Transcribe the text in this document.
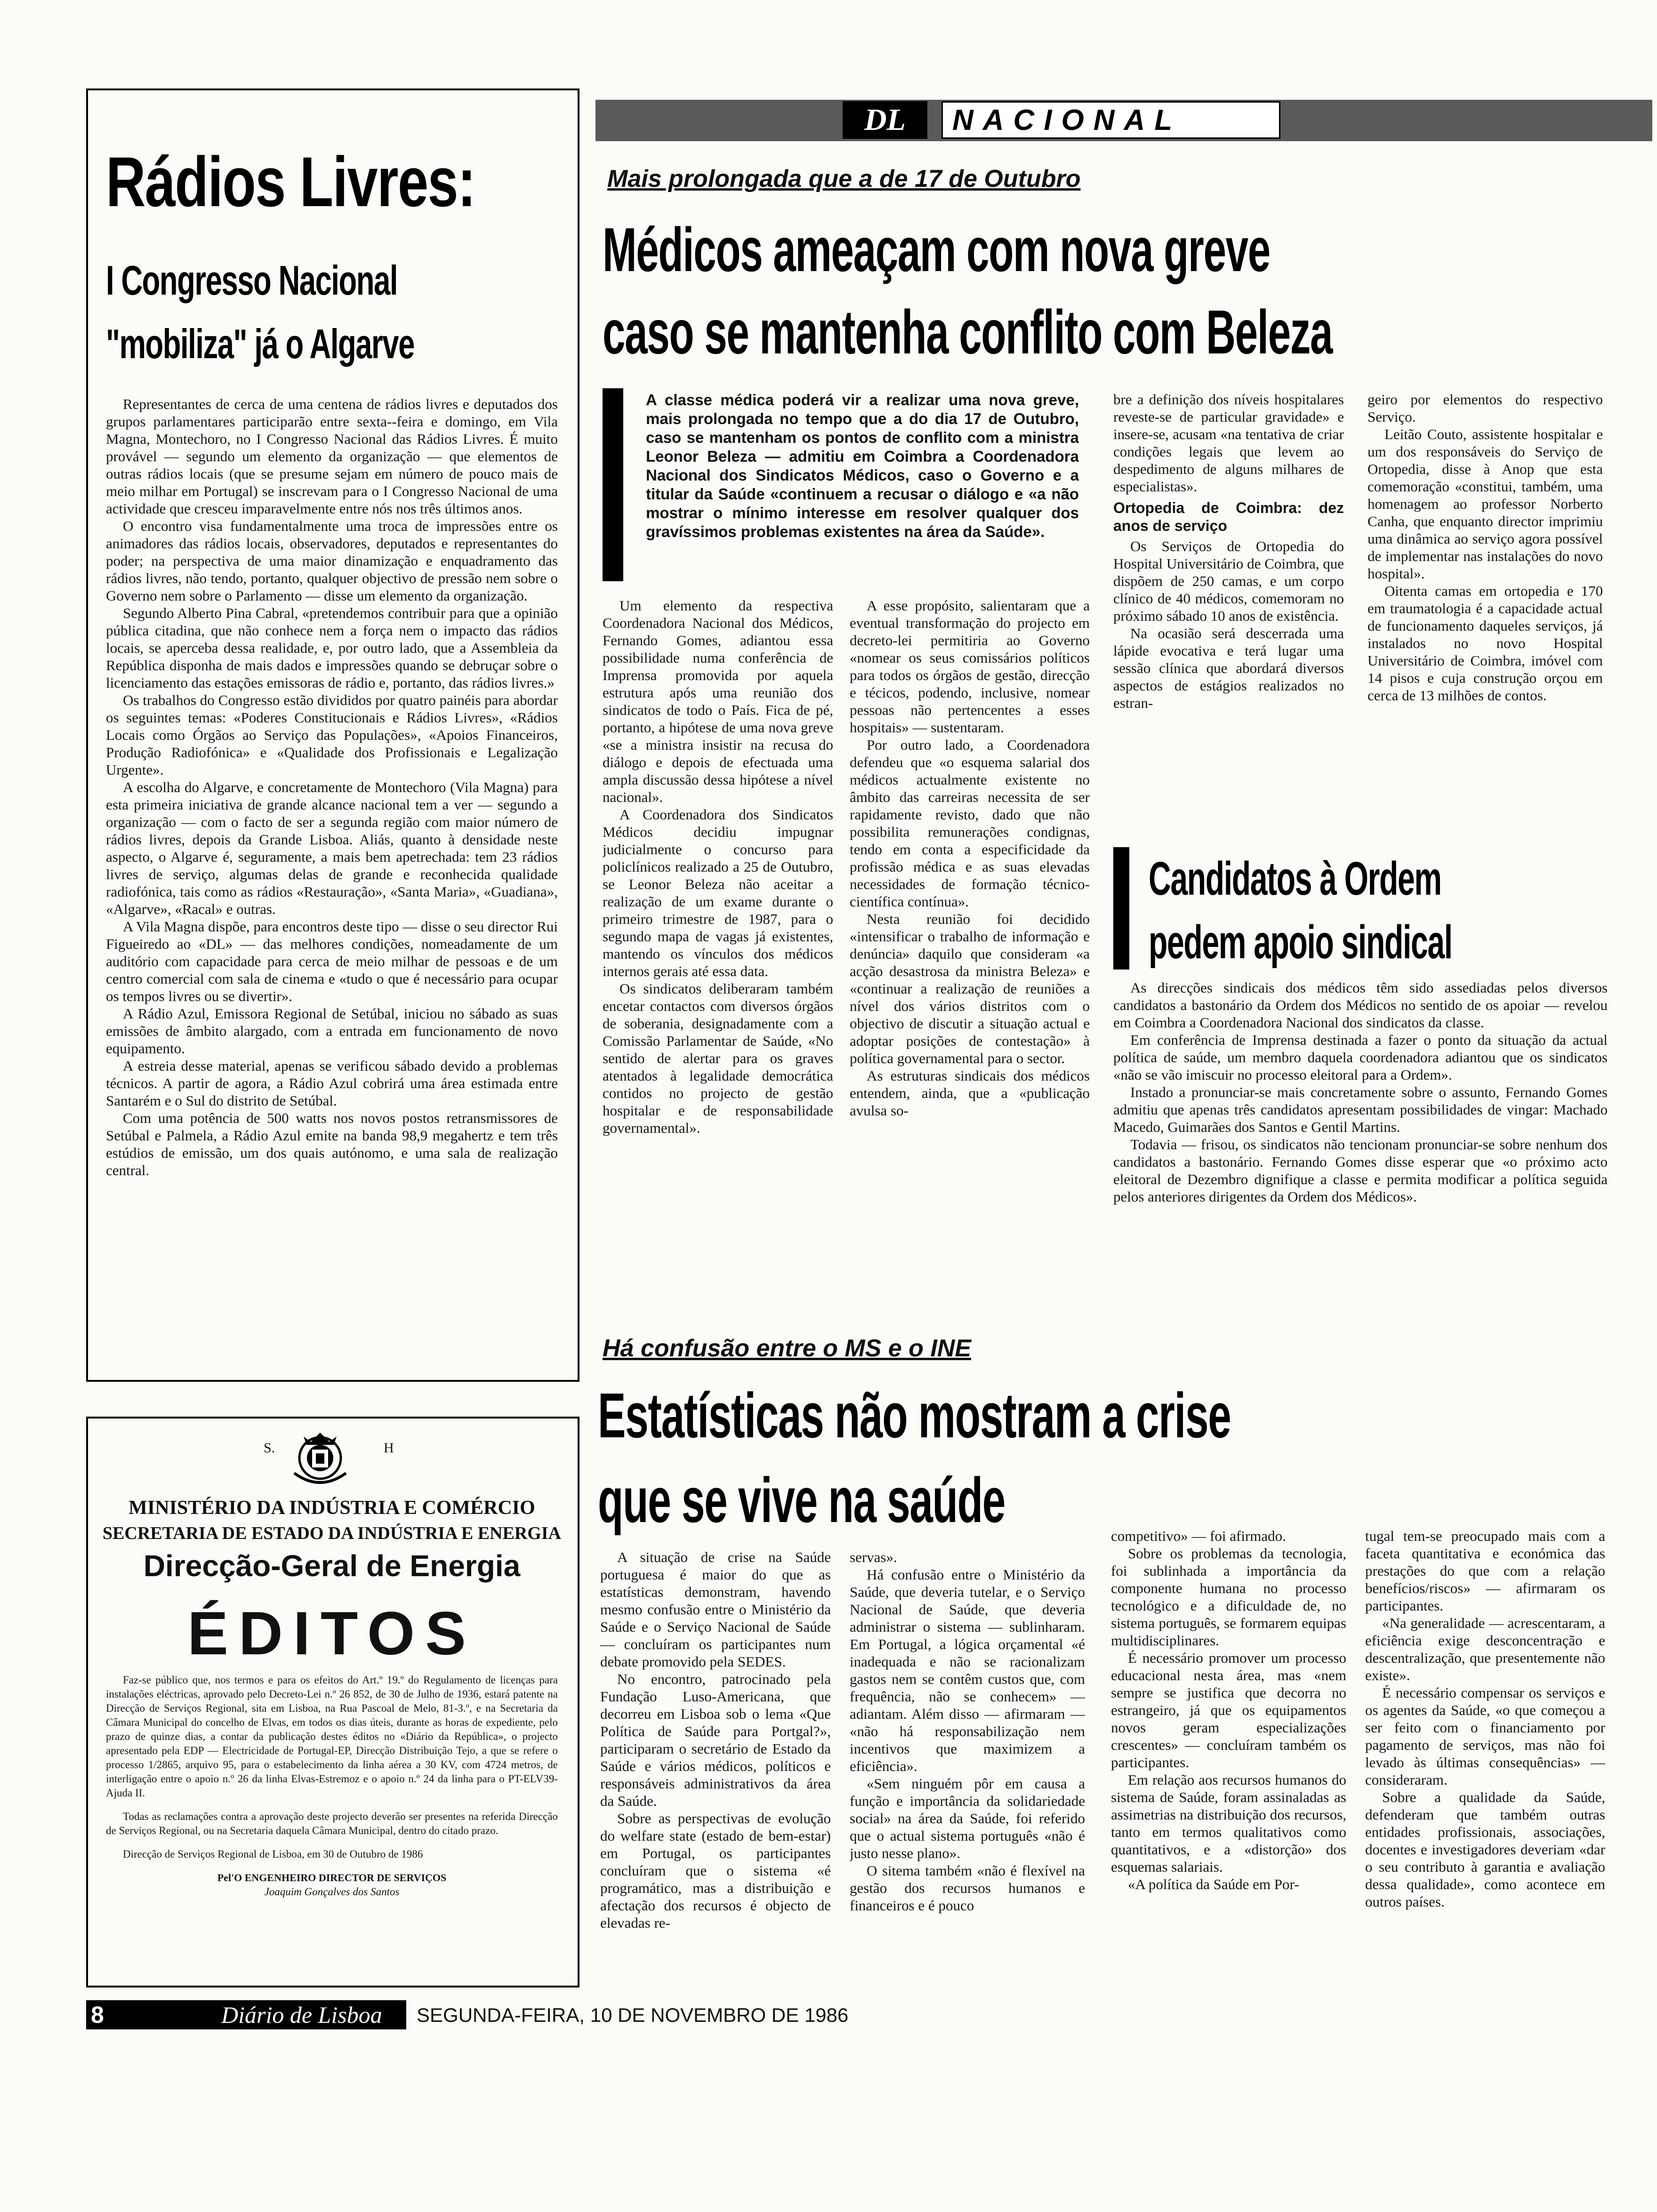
Rádios Livres:
I Congresso Nacional
"mobiliza" já o Algarve

Representantes de cerca de uma centena de rádios livres e deputados dos grupos parlamentares participarão entre sexta--feira e domingo, em Vila Magna, Montechoro, no I Congresso Nacional das Rádios Livres. É muito provável — segundo um elemento da organização — que elementos de outras rádios locais (que se presume sejam em número de pouco mais de meio milhar em Portugal) se inscrevam para o I Congresso Nacional de uma actividade que cresceu imparavelmente entre nós nos três últimos anos.

O encontro visa fundamentalmente uma troca de impressões entre os animadores das rádios locais, observadores, deputados e representantes do poder; na perspectiva de uma maior dinamização e enquadramento das rádios livres, não tendo, portanto, qualquer objectivo de pressão nem sobre o Governo nem sobre o Parlamento — disse um elemento da organização.

Segundo Alberto Pina Cabral, «pretendemos contribuir para que a opinião pública citadina, que não conhece nem a força nem o impacto das rádios locais, se aperceba dessa realidade, e, por outro lado, que a Assembleia da República disponha de mais dados e impressões quando se debruçar sobre o licenciamento das estações emissoras de rádio e, portanto, das rádios livres.»

Os trabalhos do Congresso estão divididos por quatro painéis para abordar os seguintes temas: «Poderes Constitucionais e Rádios Livres», «Rádios Locais como Órgãos ao Serviço das Populações», «Apoios Financeiros, Produção Radiofónica» e «Qualidade dos Profissionais e Legalização Urgente».

A escolha do Algarve, e concretamente de Montechoro (Vila Magna) para esta primeira iniciativa de grande alcance nacional tem a ver — segundo a organização — com o facto de ser a segunda região com maior número de rádios livres, depois da Grande Lisboa. Aliás, quanto à densidade neste aspecto, o Algarve é, seguramente, a mais bem apetrechada: tem 23 rádios livres de serviço, algumas delas de grande e reconhecida qualidade radiofónica, tais como as rádios «Restauração», «Santa Maria», «Guadiana», «Algarve», «Racal» e outras.

A Vila Magna dispõe, para encontros deste tipo — disse o seu director Rui Figueiredo ao «DL» — das melhores condições, nomeadamente de um auditório com capacidade para cerca de meio milhar de pessoas e de um centro comercial com sala de cinema e «tudo o que é necessário para ocupar os tempos livres ou se divertir».

A Rádio Azul, Emissora Regional de Setúbal, iniciou no sábado as suas emissões de âmbito alargado, com a entrada em funcionamento de novo equipamento.

A estreia desse material, apenas se verificou sábado devido a problemas técnicos. A partir de agora, a Rádio Azul cobrirá uma área estimada entre Santarém e o Sul do distrito de Setúbal.

Com uma potência de 500 watts nos novos postos retransmissores de Setúbal e Palmela, a Rádio Azul emite na banda 98,9 megahertz e tem três estúdios de emissão, um dos quais autónomo, e uma sala de realização central.

S.	H
MINISTÉRIO DA INDÚSTRIA E COMÉRCIO
SECRETARIA DE ESTADO DA INDÚSTRIA E ENERGIA
Direcção-Geral de Energia
ÉDITOS

Faz-se público que, nos termos e para os efeitos do Art.º 19.º do Regulamento de licenças para instalações eléctricas, aprovado pelo Decreto-Lei n.º 26 852, de 30 de Julho de 1936, estará patente na Direcção de Serviços Regional, sita em Lisboa, na Rua Pascoal de Melo, 81-3.º, e na Secretaria da Câmara Municipal do concelho de Elvas, em todos os dias úteis, durante as horas de expediente, pelo prazo de quinze dias, a contar da publicação destes éditos no «Diário da República», o projecto apresentado pela EDP — Electricidade de Portugal-EP, Direcção Distribuição Tejo, a que se refere o processo 1/2865, arquivo 95, para o estabelecimento da linha aérea a 30 KV, com 4724 metros, de interligação entre o apoio n.º 26 da linha Elvas-Estremoz e o apoio n.º 24 da linha para o PT-ELV39-Ajuda II.

Todas as reclamações contra a aprovação deste projecto deverão ser presentes na referida Direcção de Serviços Regional, ou na Secretaria daquela Câmara Municipal, dentro do citado prazo.

Direcção de Serviços Regional de Lisboa, em 30 de Outubro de 1986

Pel'O ENGENHEIRO DIRECTOR DE SERVIÇOS

Joaquim Gonçalves dos Santos

DL	NACIONAL
Mais prolongada que a de 17 de Outubro
Médicos ameaçam com nova greve
caso se mantenha conflito com Beleza
A classe médica poderá vir a realizar uma nova greve, mais prolongada no tempo que a do dia 17 de Outubro, caso se mantenham os pontos de conflito com a ministra Leonor Beleza — admitiu em Coimbra a Coordenadora Nacional dos Sindicatos Médicos, caso o Governo e a titular da Saúde «continuem a recusar o diálogo e «a não mostrar o mínimo interesse em resolver qualquer dos gravíssimos problemas existentes na área da Saúde».

Um elemento da respectiva Coordenadora Nacional dos Médicos, Fernando Gomes, adiantou essa possibilidade numa conferência de Imprensa promovida por aquela estrutura após uma reunião dos sindicatos de todo o País. Fica de pé, portanto, a hipótese de uma nova greve «se a ministra insistir na recusa do diálogo e depois de efectuada uma ampla discussão dessa hipótese a nível nacional».

A Coordenadora dos Sindicatos Médicos decidiu impugnar judicialmente o concurso para policlínicos realizado a 25 de Outubro, se Leonor Beleza não aceitar a realização de um exame durante o primeiro trimestre de 1987, para o segundo mapa de vagas já existentes, mantendo os vínculos dos médicos internos gerais até essa data.

Os sindicatos deliberaram também encetar contactos com diversos órgãos de soberania, designadamente com a Comissão Parlamentar de Saúde, «No sentido de alertar para os graves atentados à legalidade democrática contidos no projecto de gestão hospitalar e de responsabilidade governamental».

A esse propósito, salientaram que a eventual transformação do projecto em decreto-lei permitiria ao Governo «nomear os seus comissários políticos para todos os órgãos de gestão, direcção e técicos, podendo, inclusive, nomear pessoas não pertencentes a esses hospitais» — sustentaram.

Por outro lado, a Coordenadora defendeu que «o esquema salarial dos médicos actualmente existente no âmbito das carreiras necessita de ser rapidamente revisto, dado que não possibilita remunerações condignas, tendo em conta a especificidade da profissão médica e as suas elevadas necessidades de formação técnico-científica contínua».

Nesta reunião foi decidido «intensificar o trabalho de informação e denúncia» daquilo que consideram «a acção desastrosa da ministra Beleza» e «continuar a realização de reuniões a nível dos vários distritos com o objectivo de discutir a situação actual e adoptar posições de contestação» à política governamental para o sector.

As estruturas sindicais dos médicos entendem, ainda, que a «publicação avulsa so-

bre a definição dos níveis hospitalares reveste-se de particular gravidade» e insere-se, acusam «na tentativa de criar condições legais que levem ao despedimento de alguns milhares de especialistas».

Ortopedia de Coimbra: dez anos de serviço

Os Serviços de Ortopedia do Hospital Universitário de Coimbra, que dispõem de 250 camas, e um corpo clínico de 40 médicos, comemoram no próximo sábado 10 anos de existência.

Na ocasião será descerrada uma lápide evocativa e terá lugar uma sessão clínica que abordará diversos aspectos de estágios realizados no estran-

geiro por elementos do respectivo Serviço.

Leitão Couto, assistente hospitalar e um dos responsáveis do Serviço de Ortopedia, disse à Anop que esta comemoração «constitui, também, uma homenagem ao professor Norberto Canha, que enquanto director imprimiu uma dinâmica ao serviço agora possível de implementar nas instalações do novo hospital».

Oitenta camas em ortopedia e 170 em traumatologia é a capacidade actual de funcionamento daqueles serviços, já instalados no novo Hospital Universitário de Coimbra, imóvel com 14 pisos e cuja construção orçou em cerca de 13 milhões de contos.

Candidatos à Ordem
pedem apoio sindical

As direcções sindicais dos médicos têm sido assediadas pelos diversos candidatos a bastonário da Ordem dos Médicos no sentido de os apoiar — revelou em Coimbra a Coordenadora Nacional dos sindicatos da classe.

Em conferência de Imprensa destinada a fazer o ponto da situação da actual política de saúde, um membro daquela coordenadora adiantou que os sindicatos «não se vão imiscuir no processo eleitoral para a Ordem».

Instado a pronunciar-se mais concretamente sobre o assunto, Fernando Gomes admitiu que apenas três candidatos apresentam possibilidades de vingar: Machado Macedo, Guimarães dos Santos e Gentil Martins.

Todavia — frisou, os sindicatos não tencionam pronunciar-se sobre nenhum dos candidatos a bastonário. Fernando Gomes disse esperar que «o próximo acto eleitoral de Dezembro dignifique a classe e permita modificar a política seguida pelos anteriores dirigentes da Ordem dos Médicos».

Há confusão entre o MS e o INE
Estatísticas não mostram a crise
que se vive na saúde

A situação de crise na Saúde portuguesa é maior do que as estatísticas demonstram, havendo mesmo confusão entre o Ministério da Saúde e o Serviço Nacional de Saúde — concluíram os participantes num debate promovido pela SEDES.

No encontro, patrocinado pela Fundação Luso-Americana, que decorreu em Lisboa sob o lema «Que Política de Saúde para Portgal?», participaram o secretário de Estado da Saúde e vários médicos, políticos e responsáveis administrativos da área da Saúde.

Sobre as perspectivas de evolução do welfare state (estado de bem-estar) em Portugal, os participantes concluíram que o sistema «é programático, mas a distribuição e afectação dos recursos é objecto de elevadas re-

servas».

Há confusão entre o Ministério da Saúde, que deveria tutelar, e o Serviço Nacional de Saúde, que deveria administrar o sistema — sublinharam. Em Portugal, a lógica orçamental «é inadequada e não se racionalizam gastos nem se contêm custos que, com frequência, não se conhecem» — adiantam. Além disso — afirmaram — «não há responsabilização nem incentivos que maximizem a eficiência».

«Sem ninguém pôr em causa a função e importância da solidariedade social» na área da Saúde, foi referido que o actual sistema português «não é justo nesse plano».

O sitema também «não é flexível na gestão dos recursos humanos e financeiros e é pouco

competitivo» — foi afirmado.

Sobre os problemas da tecnologia, foi sublinhada a importância da componente humana no processo tecnológico e a dificuldade de, no sistema português, se formarem equipas multidisciplinares.

É necessário promover um processo educacional nesta área, mas «nem sempre se justifica que decorra no estrangeiro, já que os equipamentos novos geram especializações crescentes» — concluíram também os participantes.

Em relação aos recursos humanos do sistema de Saúde, foram assinaladas as assimetrias na distribuição dos recursos, tanto em termos qualitativos como quantitativos, e a «distorção» dos esquemas salariais.

«A política da Saúde em Por-

tugal tem-se preocupado mais com a faceta quantitativa e económica das prestações do que com a relação benefícios/riscos» — afirmaram os participantes.

«Na generalidade — acrescentaram, a eficiência exige desconcentração e descentralização, que presentemente não existe».

É necessário compensar os serviços e os agentes da Saúde, «o que começou a ser feito com o financiamento por pagamento de serviços, mas não foi levado às últimas consequências» — consideraram.

Sobre a qualidade da Saúde, defenderam que também outras entidades profissionais, associações, docentes e investigadores deveriam «dar o seu contributo à garantia e avaliação dessa qualidade», como acontece em outros países.

8	Diário de Lisboa SEGUNDA-FEIRA, 10 DE NOVEMBRO DE 1986
